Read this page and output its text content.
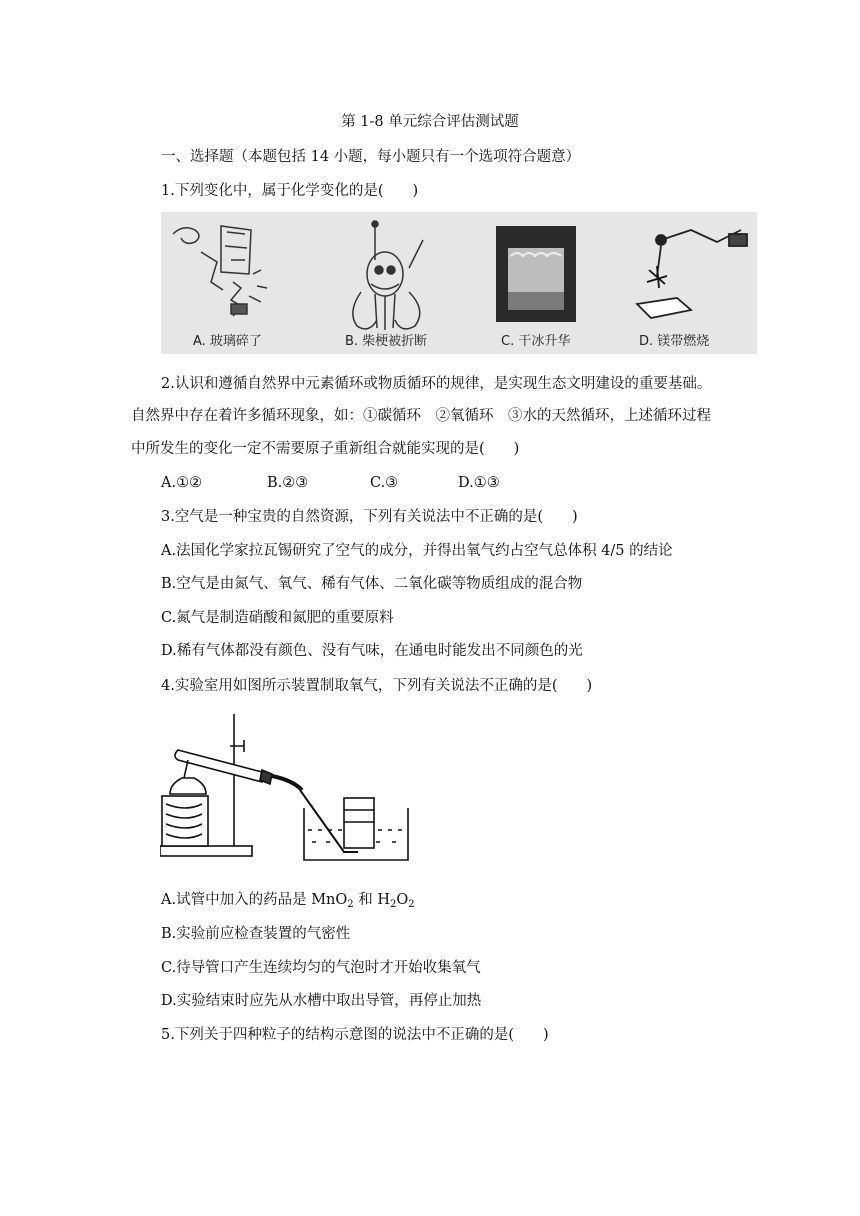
第 1-8 单元综合评估测试题
一、选择题（本题包括 14 小题，每小题只有一个选项符合题意）
1.下列变化中，属于化学变化的是(　　)
A. 玻璃碎了	B. 柴梗被折断	C. 干冰升华	D. 镁带燃烧
2.认识和遵循自然界中元素循环或物质循环的规律，是实现生态文明建设的重要基础。
自然界中存在着许多循环现象，如：①碳循环　②氧循环　③水的天然循环，上述循环过程
中所发生的变化一定不需要原子重新组合就能实现的是(　　)
A.①②	B.②③	C.③	D.①③
3.空气是一种宝贵的自然资源，下列有关说法中不正确的是(　　)
A.法国化学家拉瓦锡研究了空气的成分，并得出氧气约占空气总体积 4/5 的结论
B.空气是由氮气、氧气、稀有气体、二氧化碳等物质组成的混合物
C.氮气是制造硝酸和氮肥的重要原料
D.稀有气体都没有颜色、没有气味，在通电时能发出不同颜色的光
4.实验室用如图所示装置制取氧气，下列有关说法不正确的是(　　)
A.试管中加入的药品是 MnO$_2$ 和 $H_2O_2$
B.实验前应检查装置的气密性
C.待导管口产生连续均匀的气泡时才开始收集氧气
D.实验结束时应先从水槽中取出导管，再停止加热
5.下列关于四种粒子的结构示意图的说法中不正确的是(　　)
